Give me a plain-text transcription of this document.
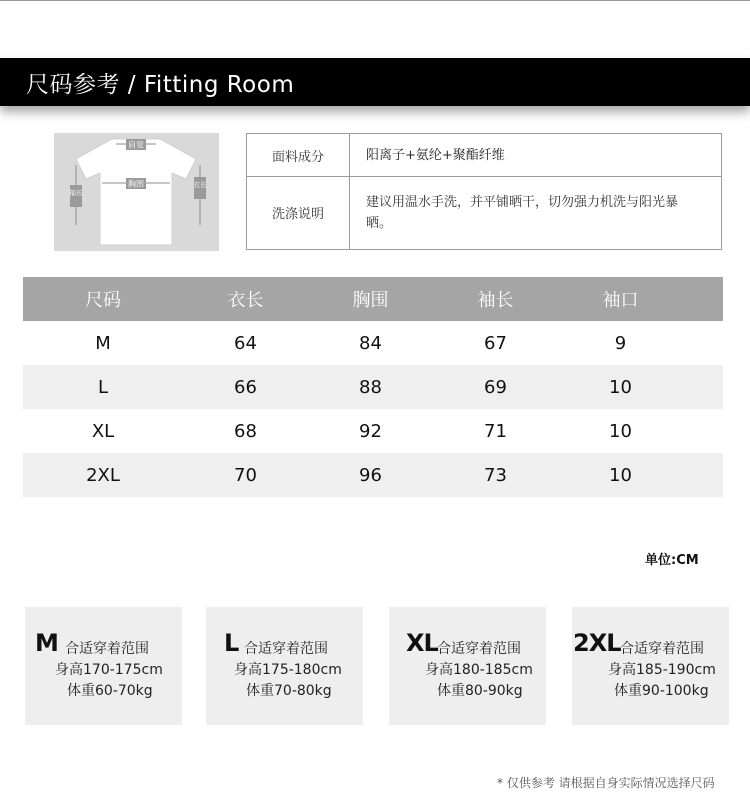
尺码参考 / Fitting Room
肩宽
胸围
袖长
衣长
面料成分	阳离子+氨纶+聚酯纤维
洗涤说明
建议用温水手洗，并平铺晒干，切勿强力机洗与阳光暴晒。
尺码	衣长	胸围	袖长	袖口
M	64	84	67	9
L	66	88	69	10
XL	68	92	71	10
2XL	70	96	73	10
单位:CM
M 合适穿着范围
身高170-175cm
体重60-70kg
L 合适穿着范围
身高175-180cm
体重70-80kg
XL 合适穿着范围
身高180-185cm
体重80-90kg
2XL 合适穿着范围
身高185-190cm
体重90-100kg
* 仅供参考 请根据自身实际情况选择尺码
